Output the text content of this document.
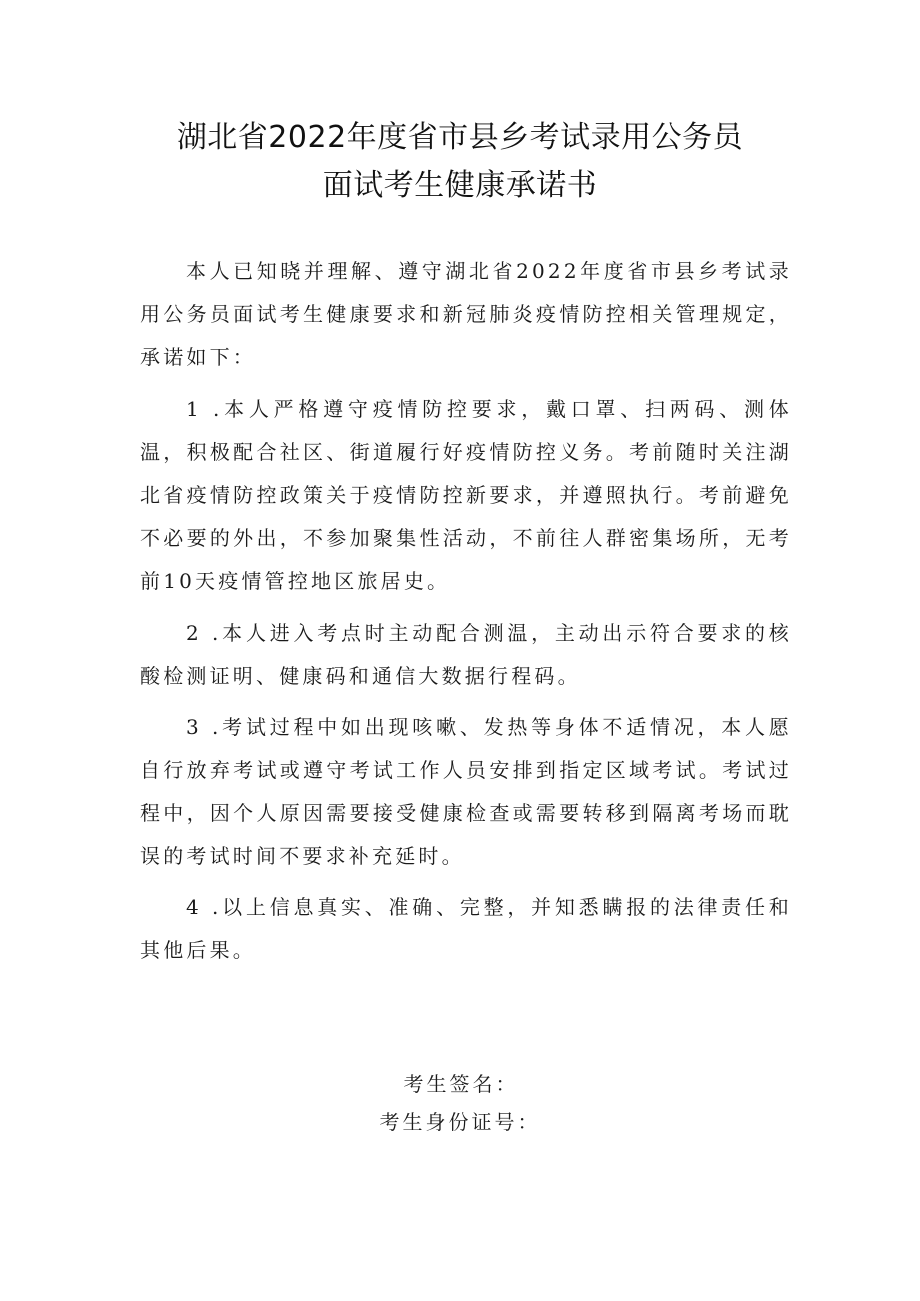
湖北省2022年度省市县乡考试录用公务员
面试考生健康承诺书

本人已知晓并理解、遵守湖北省2022年度省市县乡考试录用公务员面试考生健康要求和新冠肺炎疫情防控相关管理规定，承诺如下：

1 .本人严格遵守疫情防控要求，戴口罩、扫两码、测体温，积极配合社区、街道履行好疫情防控义务。考前随时关注湖北省疫情防控政策关于疫情防控新要求，并遵照执行。考前避免不必要的外出，不参加聚集性活动，不前往人群密集场所，无考前10天疫情管控地区旅居史。

2 .本人进入考点时主动配合测温，主动出示符合要求的核酸检测证明、健康码和通信大数据行程码。

3 .考试过程中如出现咳嗽、发热等身体不适情况，本人愿自行放弃考试或遵守考试工作人员安排到指定区域考试。考试过程中，因个人原因需要接受健康检查或需要转移到隔离考场而耽误的考试时间不要求补充延时。

4 .以上信息真实、准确、完整，并知悉瞒报的法律责任和其他后果。

考生签名：
考生身份证号：
